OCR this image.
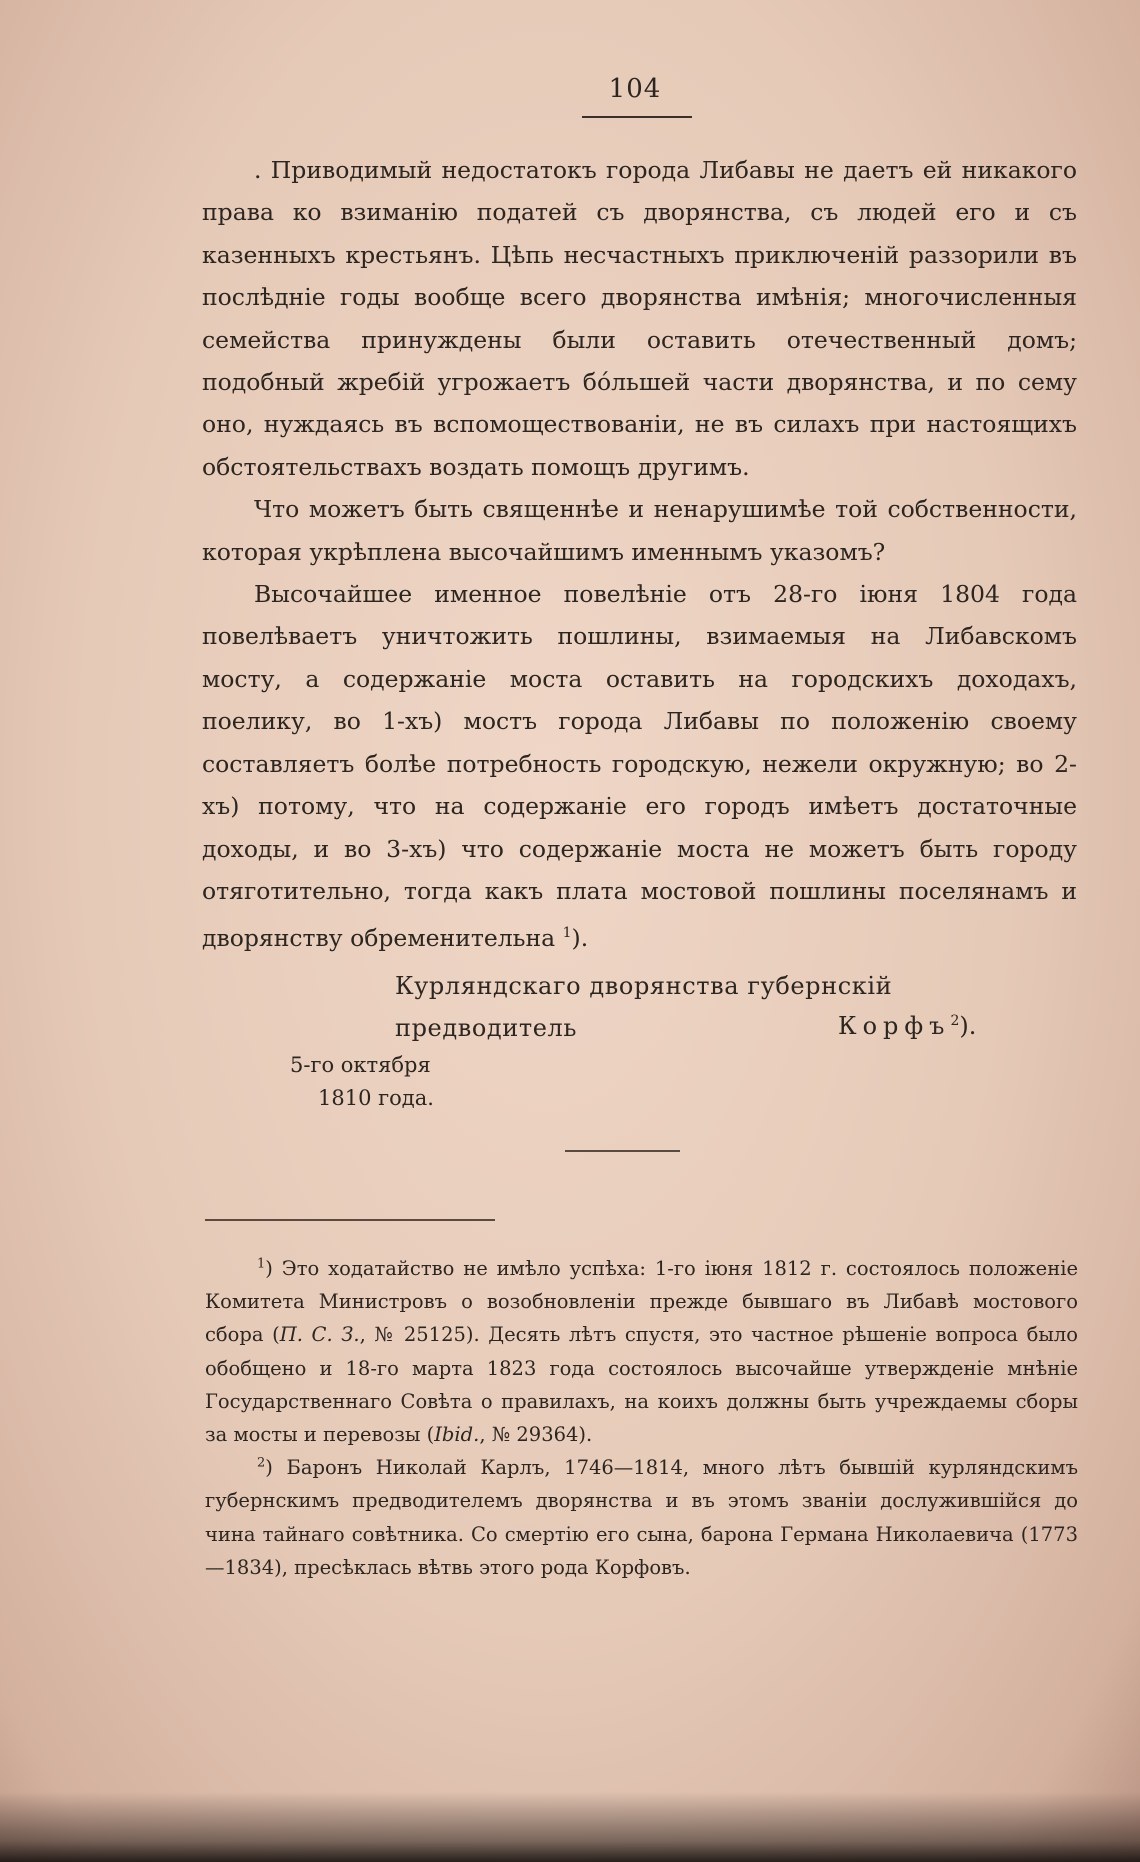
104

. Приводимый недостатокъ города Либавы не даетъ ей никакого права ко взиманію податей съ дворянства, съ людей его и съ казенныхъ крестьянъ. Цѣпь несчастныхъ приключеній раззорили въ послѣдніе годы вообще всего дворянства имѣнія; многочисленныя семейства принуждены были оставить отечественный домъ; подобный жребій угрожаетъ бо́льшей части дворянства, и по сему оно, нуждаясь въ вспомоществованіи, не въ силахъ при настоящихъ обстоятельствахъ воздать помощъ другимъ.

Что можетъ быть священнѣе и ненарушимѣе той собственности, которая укрѣплена высочайшимъ именнымъ указомъ?

Высочайшее именное повелѣніе отъ 28-го іюня 1804 года повелѣваетъ уничтожить пошлины, взимаемыя на Либавскомъ мосту, а содержаніе моста оставить на городскихъ доходахъ, поелику, во 1-хъ) мостъ города Либавы по положенію своему составляетъ болѣе потребность городскую, нежели окружную; во 2-хъ) потому, что на содержаніе его городъ имѣетъ достаточные доходы, и во 3-хъ) что содержаніе моста не можетъ быть городу отяготительно, тогда какъ плата мостовой пошлины поселянамъ и дворянству обременительна $^1$).

Курляндскаго дворянства губернскій предводитель	Корфъ$^2$).
5-го октября
1810 года.

$^1$) Это ходатайство не имѣло успѣха: 1-го іюня 1812 г. состоялось положеніе Комитета Министровъ о возобновленіи прежде бывшаго въ Либавѣ мостового сбора (П. С. З., № 25125). Десять лѣтъ спустя, это частное рѣшеніе вопроса было обобщено и 18-го марта 1823 года состоялось высочайше утвержденіе мнѣніе Государственнаго Совѣта о правилахъ, на коихъ должны быть учреждаемы сборы за мосты и перевозы (Ibid., № 29364).

$^2$) Баронъ Николай Карлъ, 1746—1814, много лѣтъ бывшій курляндскимъ губернскимъ предводителемъ дворянства и въ этомъ званіи дослужившійся до чина тайнаго совѣтника. Со смертію его сына, барона Германа Николаевича (1773—1834), пресѣклась вѣтвь этого рода Корфовъ.
